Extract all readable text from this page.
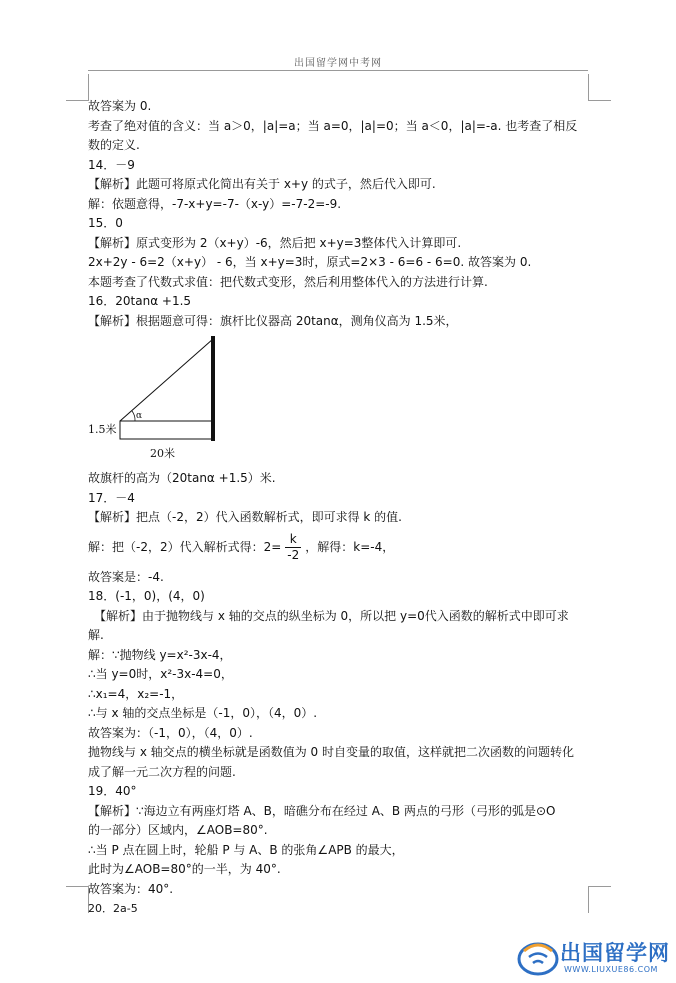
出国留学网中考网
故答案为 0.
考查了绝对值的含义：当 a＞0，|a|=a；当 a=0，|a|=0；当 a＜0，|a|=-a. 也考查了相反
数的定义.
14．－9
【解析】此题可将原式化简出有关于 x+y 的式子，然后代入即可.
解：依题意得，-7-x+y=-7-（x-y）=-7-2=-9.
15．0
【解析】原式变形为 2（x+y）-6，然后把 x+y=3整体代入计算即可.
2x+2y - 6=2（x+y） - 6，当 x+y=3时，原式=2×3 - 6=6 - 6=0. 故答案为 0.
本题考查了代数式求值：把代数式变形，然后利用整体代入的方法进行计算.
16．20tanα +1.5
【解析】根据题意可得：旗杆比仪器高 20tanα，测角仪高为 1.5米，
1.5米
20米
α
故旗杆的高为（20tanα +1.5）米.
17．－4
【解析】把点（-2，2）代入函数解析式，即可求得 k 的值.
解：把（-2，2）代入解析式得：$2= \frac{k}{-2}$ ，解得：k=-4，
故答案是：-4.
18．(-1，0)，(4，0)
【解析】由于抛物线与 x 轴的交点的纵坐标为 0，所以把 y=0代入函数的解析式中即可求
解.
解：∵抛物线 y=x²-3x-4，
∴当 y=0时，x²-3x-4=0，
∴x₁=4，x₂=-1，
∴与 x 轴的交点坐标是（-1，0），（4，0）.
故答案为：（-1，0），（4，0）.
抛物线与 x 轴交点的横坐标就是函数值为 0 时自变量的取值，这样就把二次函数的问题转化
成了解一元二次方程的问题.
19．40°
【解析】∵海边立有两座灯塔 A、B，暗礁分布在经过 A、B 两点的弓形（弓形的弧是⊙O
的一部分）区域内，∠AOB=80°.
∴当 P 点在圆上时，轮船 P 与 A、B 的张角∠APB 的最大，
此时为∠AOB=80°的一半，为 40°.
故答案为：40°.
20．2a-5
出国留学网
WWW.LIUXUE86.COM
